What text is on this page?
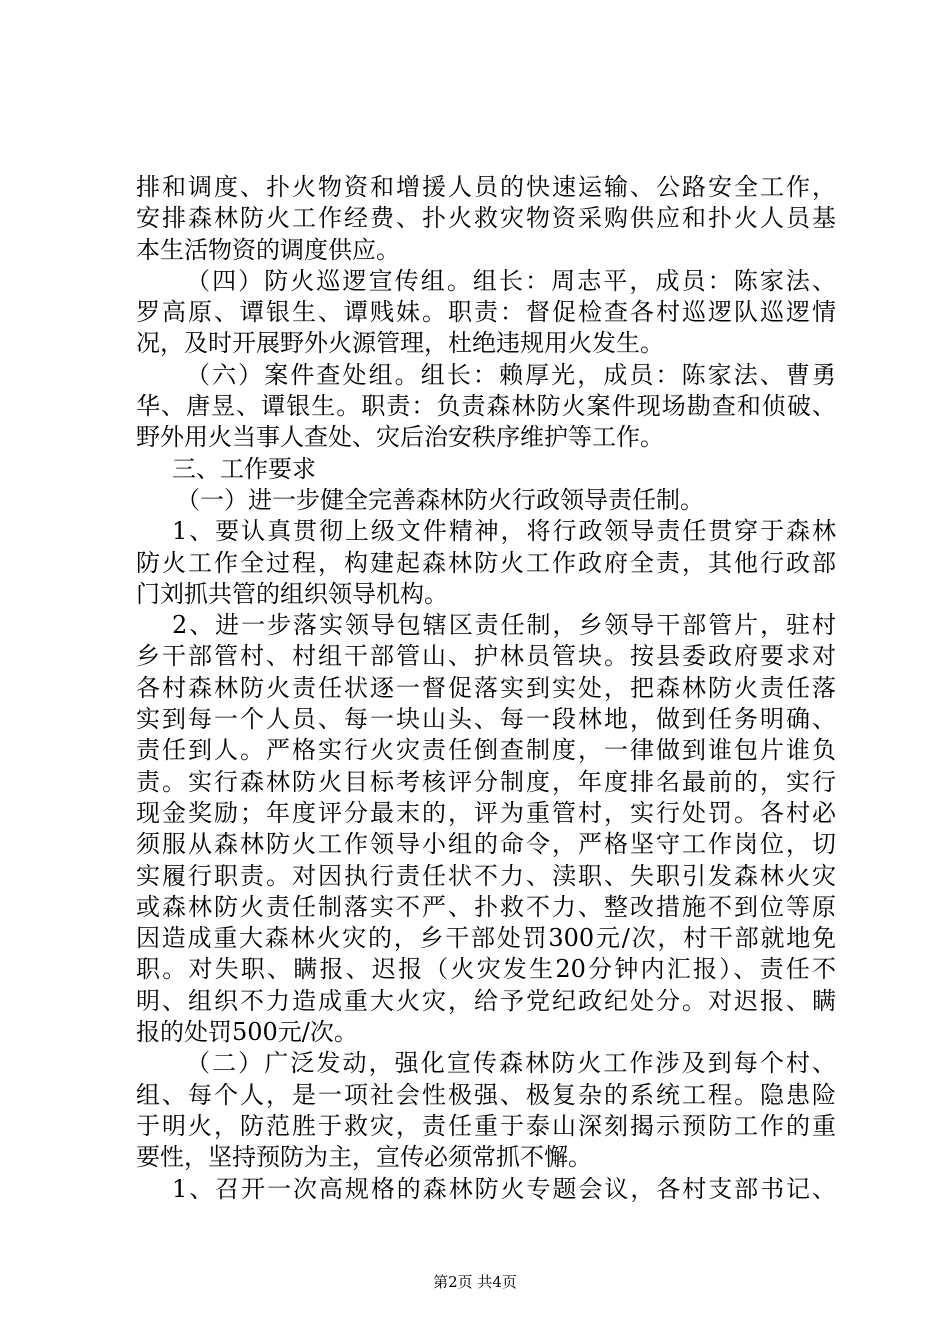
排和调度、扑火物资和增援人员的快速运输、公路安全工作，
安排森林防火工作经费、扑火救灾物资采购供应和扑火人员基
本生活物资的调度供应。
（四）防火巡逻宣传组。组长：周志平，成员：陈家法、
罗高原、谭银生、谭贱妹。职责：督促检查各村巡逻队巡逻情
况，及时开展野外火源管理，杜绝违规用火发生。
（六）案件查处组。组长：赖厚光，成员：陈家法、曹勇
华、唐昱、谭银生。职责：负责森林防火案件现场勘查和侦破、
野外用火当事人查处、灾后治安秩序维护等工作。
三、工作要求
（一）进一步健全完善森林防火行政领导责任制。
1、要认真贯彻上级文件精神，将行政领导责任贯穿于森林
防火工作全过程，构建起森林防火工作政府全责，其他行政部
门刘抓共管的组织领导机构。
2、进一步落实领导包辖区责任制，乡领导干部管片，驻村
乡干部管村、村组干部管山、护林员管块。按县委政府要求对
各村森林防火责任状逐一督促落实到实处，把森林防火责任落
实到每一个人员、每一块山头、每一段林地，做到任务明确、
责任到人。严格实行火灾责任倒查制度，一律做到谁包片谁负
责。实行森林防火目标考核评分制度，年度排名最前的，实行
现金奖励；年度评分最末的，评为重管村，实行处罚。各村必
须服从森林防火工作领导小组的命令，严格坚守工作岗位，切
实履行职责。对因执行责任状不力、渎职、失职引发森林火灾
或森林防火责任制落实不严、扑救不力、整改措施不到位等原
因造成重大森林火灾的，乡干部处罚300元/次，村干部就地免
职。对失职、瞒报、迟报（火灾发生20分钟内汇报）、责任不
明、组织不力造成重大火灾，给予党纪政纪处分。对迟报、瞒
报的处罚500元/次。
（二）广泛发动，强化宣传森林防火工作涉及到每个村、
组、每个人，是一项社会性极强、极复杂的系统工程。隐患险
于明火，防范胜于救灾，责任重于泰山深刻揭示预防工作的重
要性，坚持预防为主，宣传必须常抓不懈。
1、召开一次高规格的森林防火专题会议，各村支部书记、
第2页 共4页
